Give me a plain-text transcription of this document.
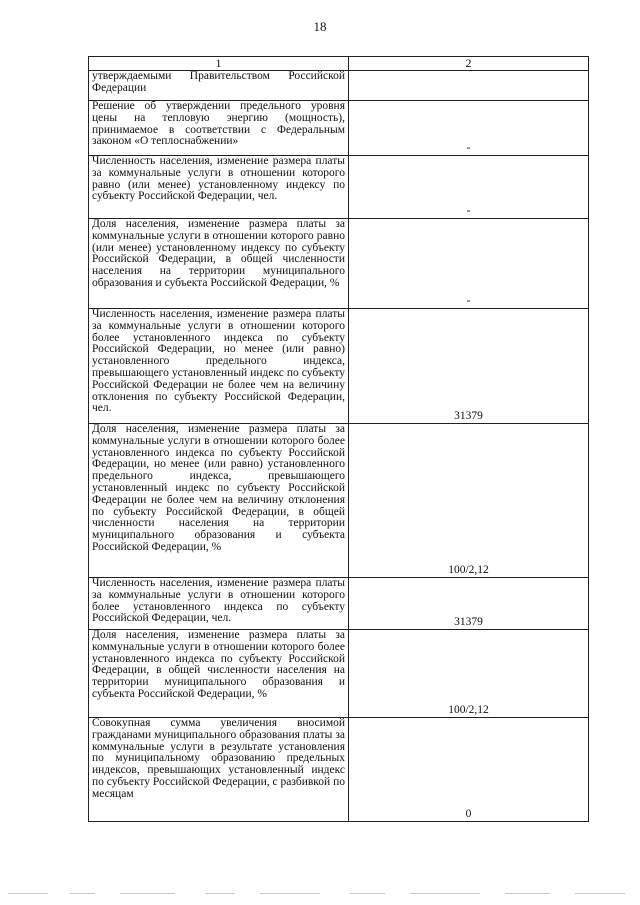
18
1	2

утверждаемыми Правительством Российской Федерации	

Решение об утверждении предельного уровня цены на тепловую энергию (мощность), принимаемое в соответствии с Федеральным законом «О теплоснабжении»	-

Численность населения, изменение размера платы за коммунальные услуги в отношении которого равно (или менее) установленному индексу по субъекту Российской Федерации, чел.	-

Доля населения, изменение размера платы за коммунальные услуги в отношении которого равно (или менее) установленному индексу по субъекту Российской Федерации, в общей численности населения на территории муниципального образования и субъекта Российской Федерации, %	-

Численность населения, изменение размера платы за коммунальные услуги в отношении которого более установленного индекса по субъекту Российской Федерации, но менее (или равно) установленного предельного индекса, превышающего установленный индекс по субъекту Российской Федерации не более чем на величину отклонения по субъекту Российской Федерации, чел.	31379

Доля населения, изменение размера платы за коммунальные услуги в отношении которого более установленного индекса по субъекту Российской Федерации, но менее (или равно) установленного предельного индекса, превышающего установленный индекс по субъекту Российской Федерации не более чем на величину отклонения по субъекту Российской Федерации, в общей численности населения на территории муниципального образования и субъекта Российской Федерации, %	100/2,12

Численность населения, изменение размера платы за коммунальные услуги в отношении которого более установленного индекса по субъекту Российской Федерации, чел.	31379

Доля населения, изменение размера платы за коммунальные услуги в отношении которого более установленного индекса по субъекту Российской Федерации, в общей численности населения на территории муниципального образования и субъекта Российской Федерации, %	100/2,12

Совокупная сумма увеличения вносимой гражданами муниципального образования платы за коммунальные услуги в результате установления по муниципальному образованию предельных индексов, превышающих установленный индекс по субъекту Российской Федерации, с разбивкой по месяцам	0
